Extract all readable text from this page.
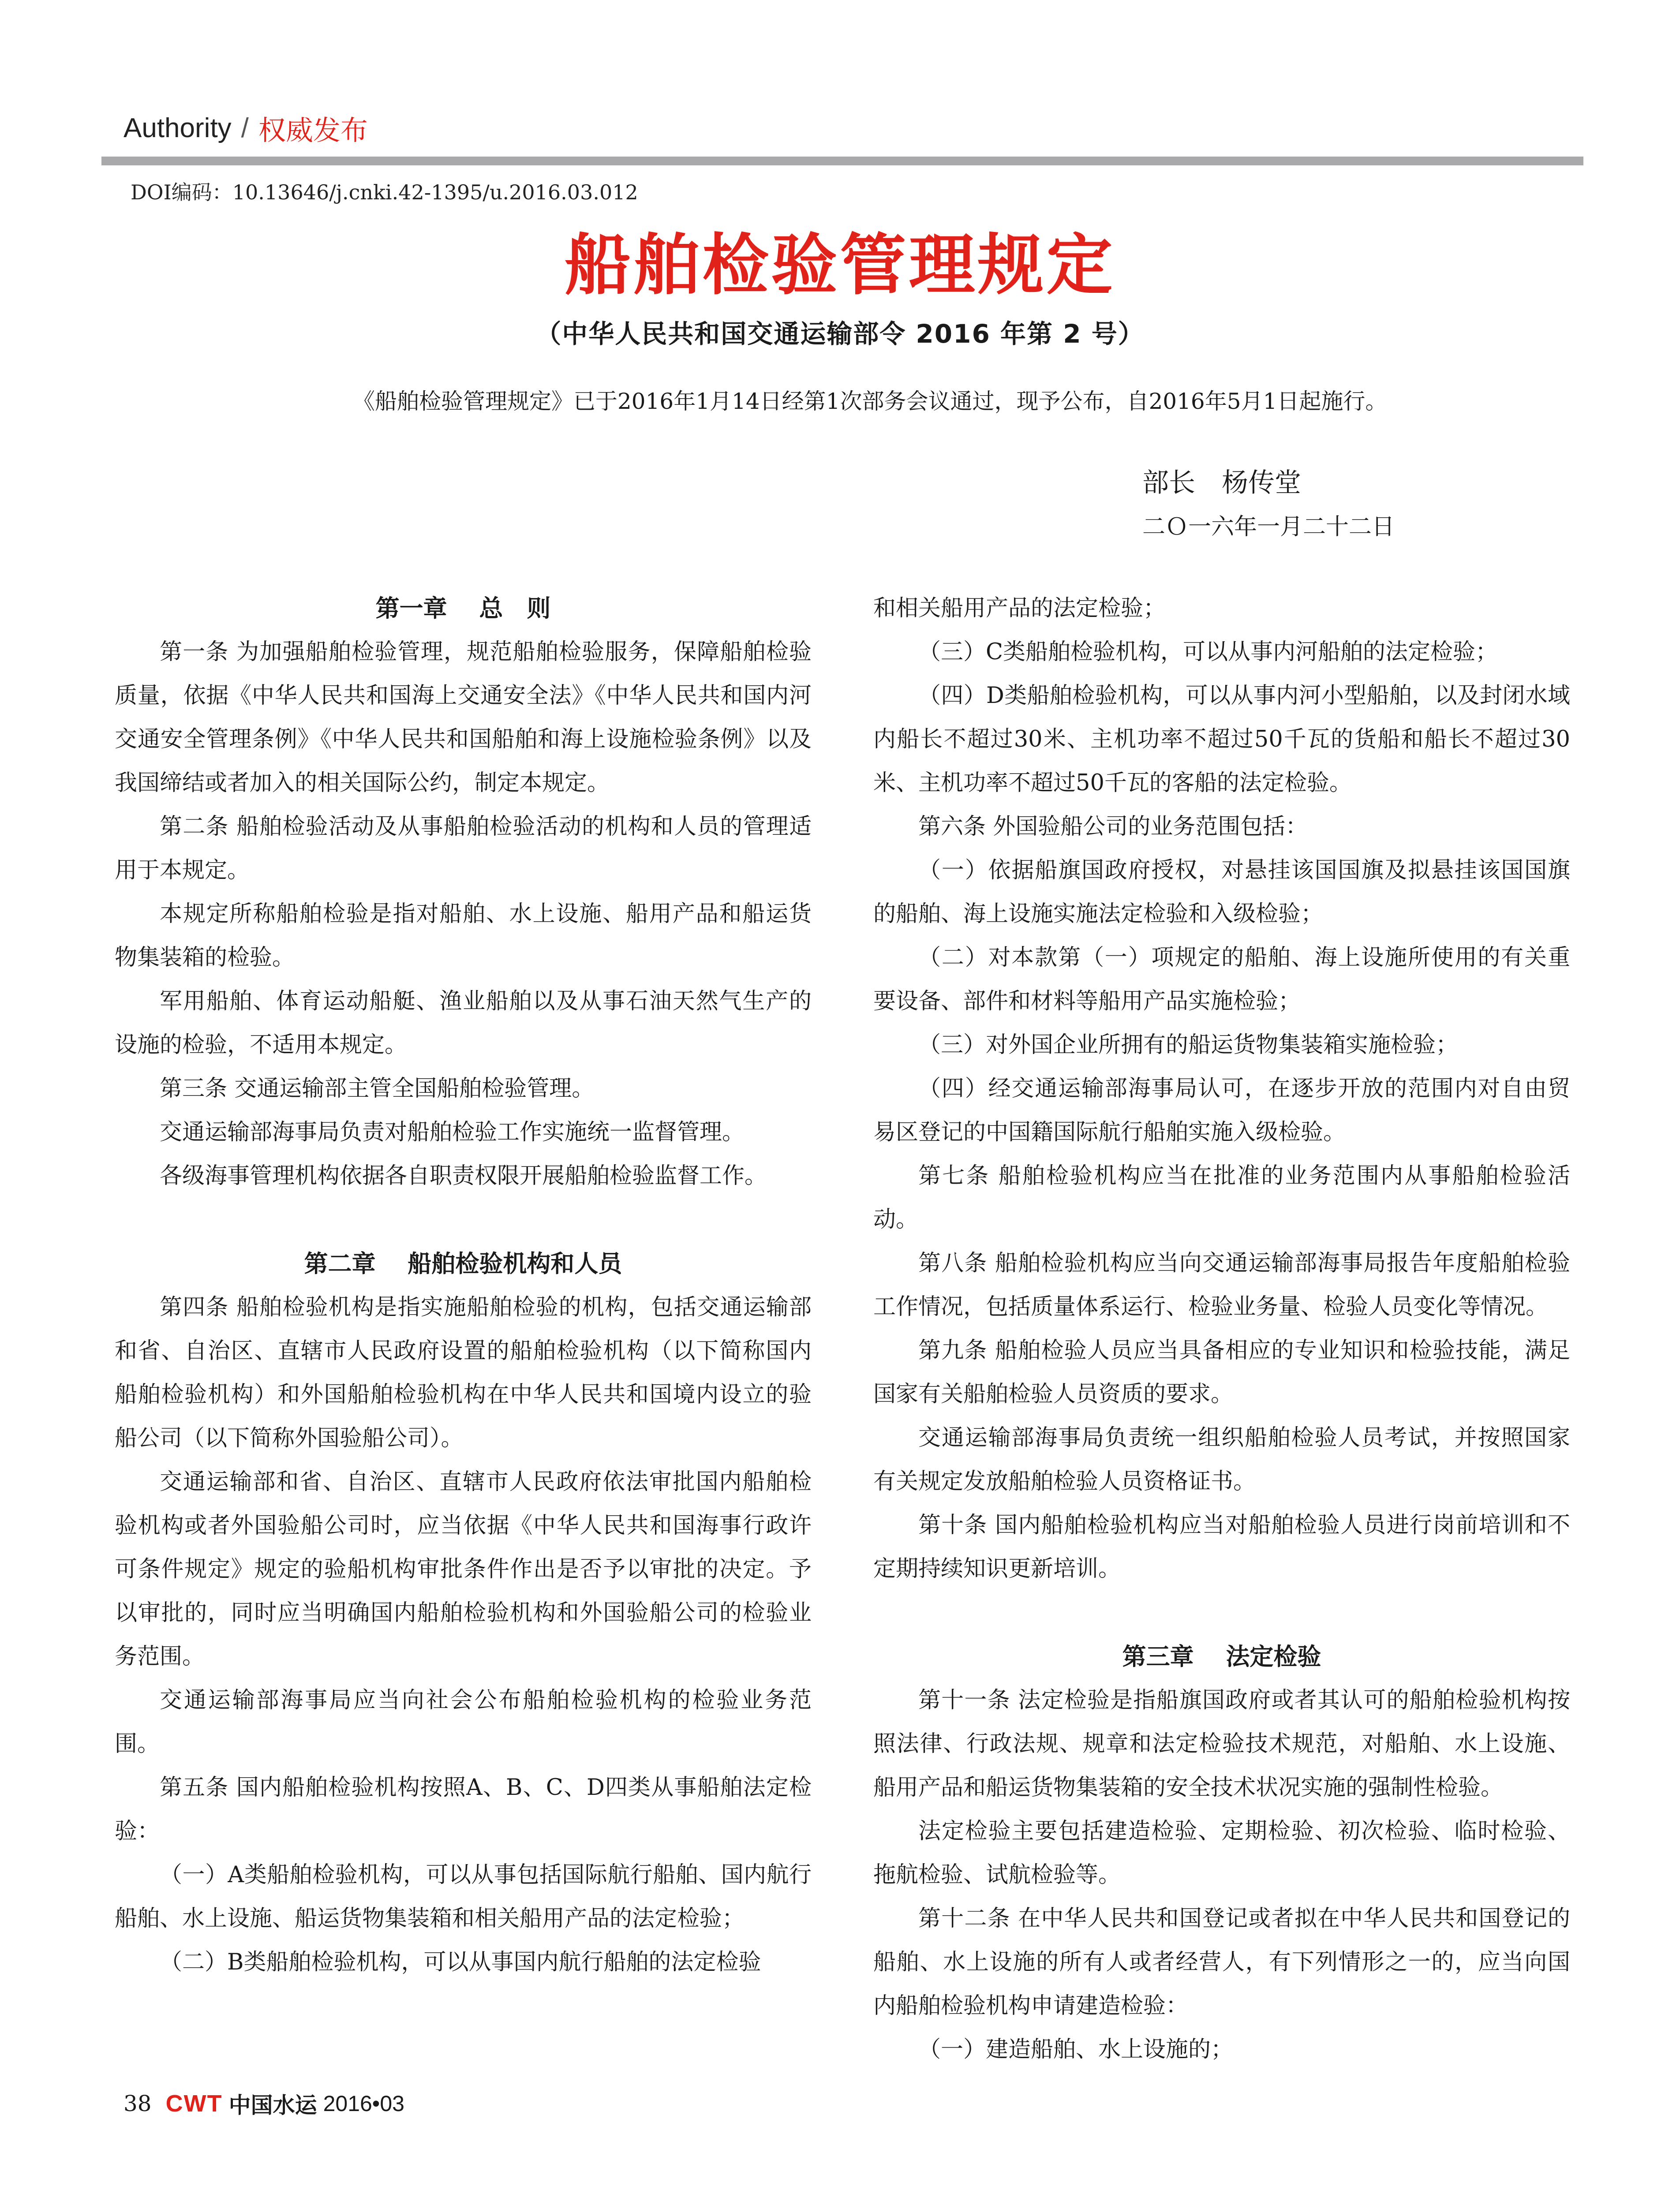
Authority / 权威发布
DOI编码：10.13646/j.cnki.42-1395/u.2016.03.012
船舶检验管理规定
（中华人民共和国交通运输部令 2016 年第 2 号）
《船舶检验管理规定》已于2016年1月14日经第1次部务会议通过，现予公布，自2016年5月1日起施行。
部长　杨传堂
二Ｏ一六年一月二十二日
第一章　 总　则

第一条 为加强船舶检验管理，规范船舶检验服务，保障船舶检验质量，依据《中华人民共和国海上交通安全法》《中华人民共和国内河交通安全管理条例》《中华人民共和国船舶和海上设施检验条例》以及我国缔结或者加入的相关国际公约，制定本规定。

第二条 船舶检验活动及从事船舶检验活动的机构和人员的管理适用于本规定。

本规定所称船舶检验是指对船舶、水上设施、船用产品和船运货物集装箱的检验。

军用船舶、体育运动船艇、渔业船舶以及从事石油天然气生产的设施的检验，不适用本规定。

第三条 交通运输部主管全国船舶检验管理。

交通运输部海事局负责对船舶检验工作实施统一监督管理。

各级海事管理机构依据各自职责权限开展船舶检验监督工作。

第二章　 船舶检验机构和人员

第四条 船舶检验机构是指实施船舶检验的机构，包括交通运输部和省、自治区、直辖市人民政府设置的船舶检验机构（以下简称国内船舶检验机构）和外国船舶检验机构在中华人民共和国境内设立的验船公司（以下简称外国验船公司）。

交通运输部和省、自治区、直辖市人民政府依法审批国内船舶检验机构或者外国验船公司时，应当依据《中华人民共和国海事行政许可条件规定》规定的验船机构审批条件作出是否予以审批的决定。予以审批的，同时应当明确国内船舶检验机构和外国验船公司的检验业务范围。

交通运输部海事局应当向社会公布船舶检验机构的检验业务范围。

第五条 国内船舶检验机构按照A、B、C、D四类从事船舶法定检验：

（一）A类船舶检验机构，可以从事包括国际航行船舶、国内航行船舶、水上设施、船运货物集装箱和相关船用产品的法定检验；

（二）B类船舶检验机构，可以从事国内航行船舶的法定检验

和相关船用产品的法定检验；

（三）C类船舶检验机构，可以从事内河船舶的法定检验；

（四）D类船舶检验机构，可以从事内河小型船舶，以及封闭水域内船长不超过30米、主机功率不超过50千瓦的货船和船长不超过30米、主机功率不超过50千瓦的客船的法定检验。

第六条 外国验船公司的业务范围包括：

（一）依据船旗国政府授权，对悬挂该国国旗及拟悬挂该国国旗的船舶、海上设施实施法定检验和入级检验；

（二）对本款第（一）项规定的船舶、海上设施所使用的有关重要设备、部件和材料等船用产品实施检验；

（三）对外国企业所拥有的船运货物集装箱实施检验；

（四）经交通运输部海事局认可，在逐步开放的范围内对自由贸易区登记的中国籍国际航行船舶实施入级检验。

第七条 船舶检验机构应当在批准的业务范围内从事船舶检验活动。

第八条 船舶检验机构应当向交通运输部海事局报告年度船舶检验工作情况，包括质量体系运行、检验业务量、检验人员变化等情况。

第九条 船舶检验人员应当具备相应的专业知识和检验技能，满足国家有关船舶检验人员资质的要求。

交通运输部海事局负责统一组织船舶检验人员考试，并按照国家有关规定发放船舶检验人员资格证书。

第十条 国内船舶检验机构应当对船舶检验人员进行岗前培训和不定期持续知识更新培训。

第三章　 法定检验

第十一条 法定检验是指船旗国政府或者其认可的船舶检验机构按照法律、行政法规、规章和法定检验技术规范，对船舶、水上设施、船用产品和船运货物集装箱的安全技术状况实施的强制性检验。

法定检验主要包括建造检验、定期检验、初次检验、临时检验、拖航检验、试航检验等。

第十二条 在中华人民共和国登记或者拟在中华人民共和国登记的船舶、水上设施的所有人或者经营人，有下列情形之一的，应当向国内船舶检验机构申请建造检验：

（一）建造船舶、水上设施的；

38 CWT 中国水运 2016•03
